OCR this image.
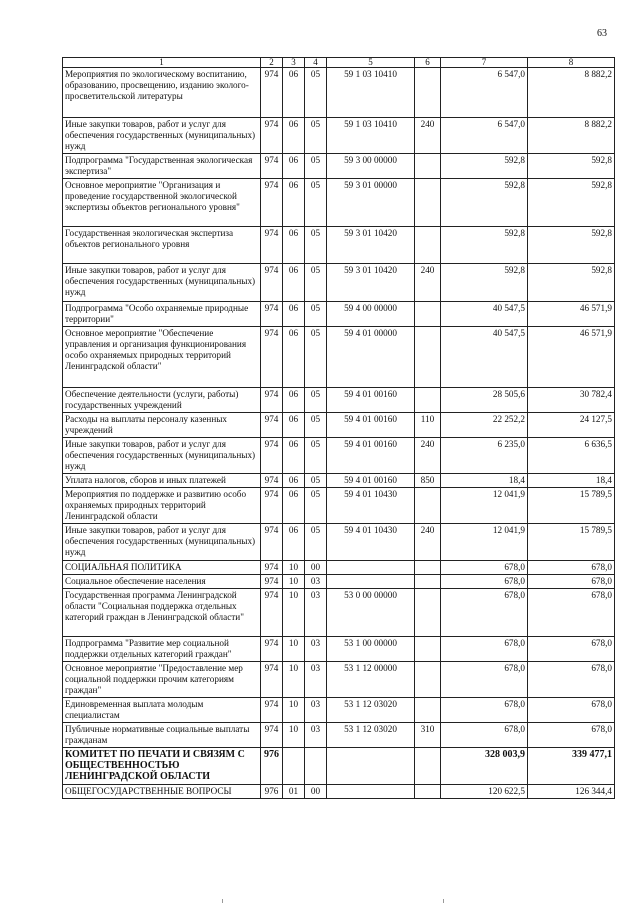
63
1	2	3	4	5	6	7	8
Мероприятия по экологическому воспитанию, образованию, просвещению, изданию эколого-просветительской литературы	974	06	05	59 1 03 10410		6 547,0	8 882,2
Иные закупки товаров, работ и услуг для обеспечения государственных (муниципальных) нужд	974	06	05	59 1 03 10410	240	6 547,0	8 882,2
Подпрограмма "Государственная экологическая экспертиза"	974	06	05	59 3 00 00000		592,8	592,8
Основное мероприятие "Организация и проведение государственной экологической экспертизы объектов регионального уровня"	974	06	05	59 3 01 00000		592,8	592,8
Государственная экологическая экспертиза объектов регионального уровня	974	06	05	59 3 01 10420		592,8	592,8
Иные закупки товаров, работ и услуг для обеспечения государственных (муниципальных) нужд	974	06	05	59 3 01 10420	240	592,8	592,8
Подпрограмма "Особо охраняемые природные территории"	974	06	05	59 4 00 00000		40 547,5	46 571,9
Основное мероприятие "Обеспечение управления и организация функционирования особо охраняемых природных территорий Ленинградской области"	974	06	05	59 4 01 00000		40 547,5	46 571,9
Обеспечение деятельности (услуги, работы) государственных учреждений	974	06	05	59 4 01 00160		28 505,6	30 782,4
Расходы на выплаты персоналу казенных учреждений	974	06	05	59 4 01 00160	110	22 252,2	24 127,5
Иные закупки товаров, работ и услуг для обеспечения государственных (муниципальных) нужд	974	06	05	59 4 01 00160	240	6 235,0	6 636,5
Уплата налогов, сборов и иных платежей	974	06	05	59 4 01 00160	850	18,4	18,4
Мероприятия по поддержке и развитию особо охраняемых природных территорий Ленинградской области	974	06	05	59 4 01 10430		12 041,9	15 789,5
Иные закупки товаров, работ и услуг для обеспечения государственных (муниципальных) нужд	974	06	05	59 4 01 10430	240	12 041,9	15 789,5
СОЦИАЛЬНАЯ ПОЛИТИКА	974	10	00			678,0	678,0
Социальное обеспечение населения	974	10	03			678,0	678,0
Государственная программа Ленинградской области "Социальная поддержка отдельных категорий граждан в Ленинградской области"	974	10	03	53 0 00 00000		678,0	678,0
Подпрограмма "Развитие мер социальной поддержки отдельных категорий граждан"	974	10	03	53 1 00 00000		678,0	678,0
Основное мероприятие "Предоставление мер социальной поддержки прочим категориям граждан"	974	10	03	53 1 12 00000		678,0	678,0
Единовременная выплата молодым специалистам	974	10	03	53 1 12 03020		678,0	678,0
Публичные нормативные социальные выплаты гражданам	974	10	03	53 1 12 03020	310	678,0	678,0
КОМИТЕТ ПО ПЕЧАТИ И СВЯЗЯМ С ОБЩЕСТВЕННОСТЬЮ ЛЕНИНГРАДСКОЙ ОБЛАСТИ	976					328 003,9	339 477,1
ОБЩЕГОСУДАРСТВЕННЫЕ ВОПРОСЫ	976	01	00			120 622,5	126 344,4
